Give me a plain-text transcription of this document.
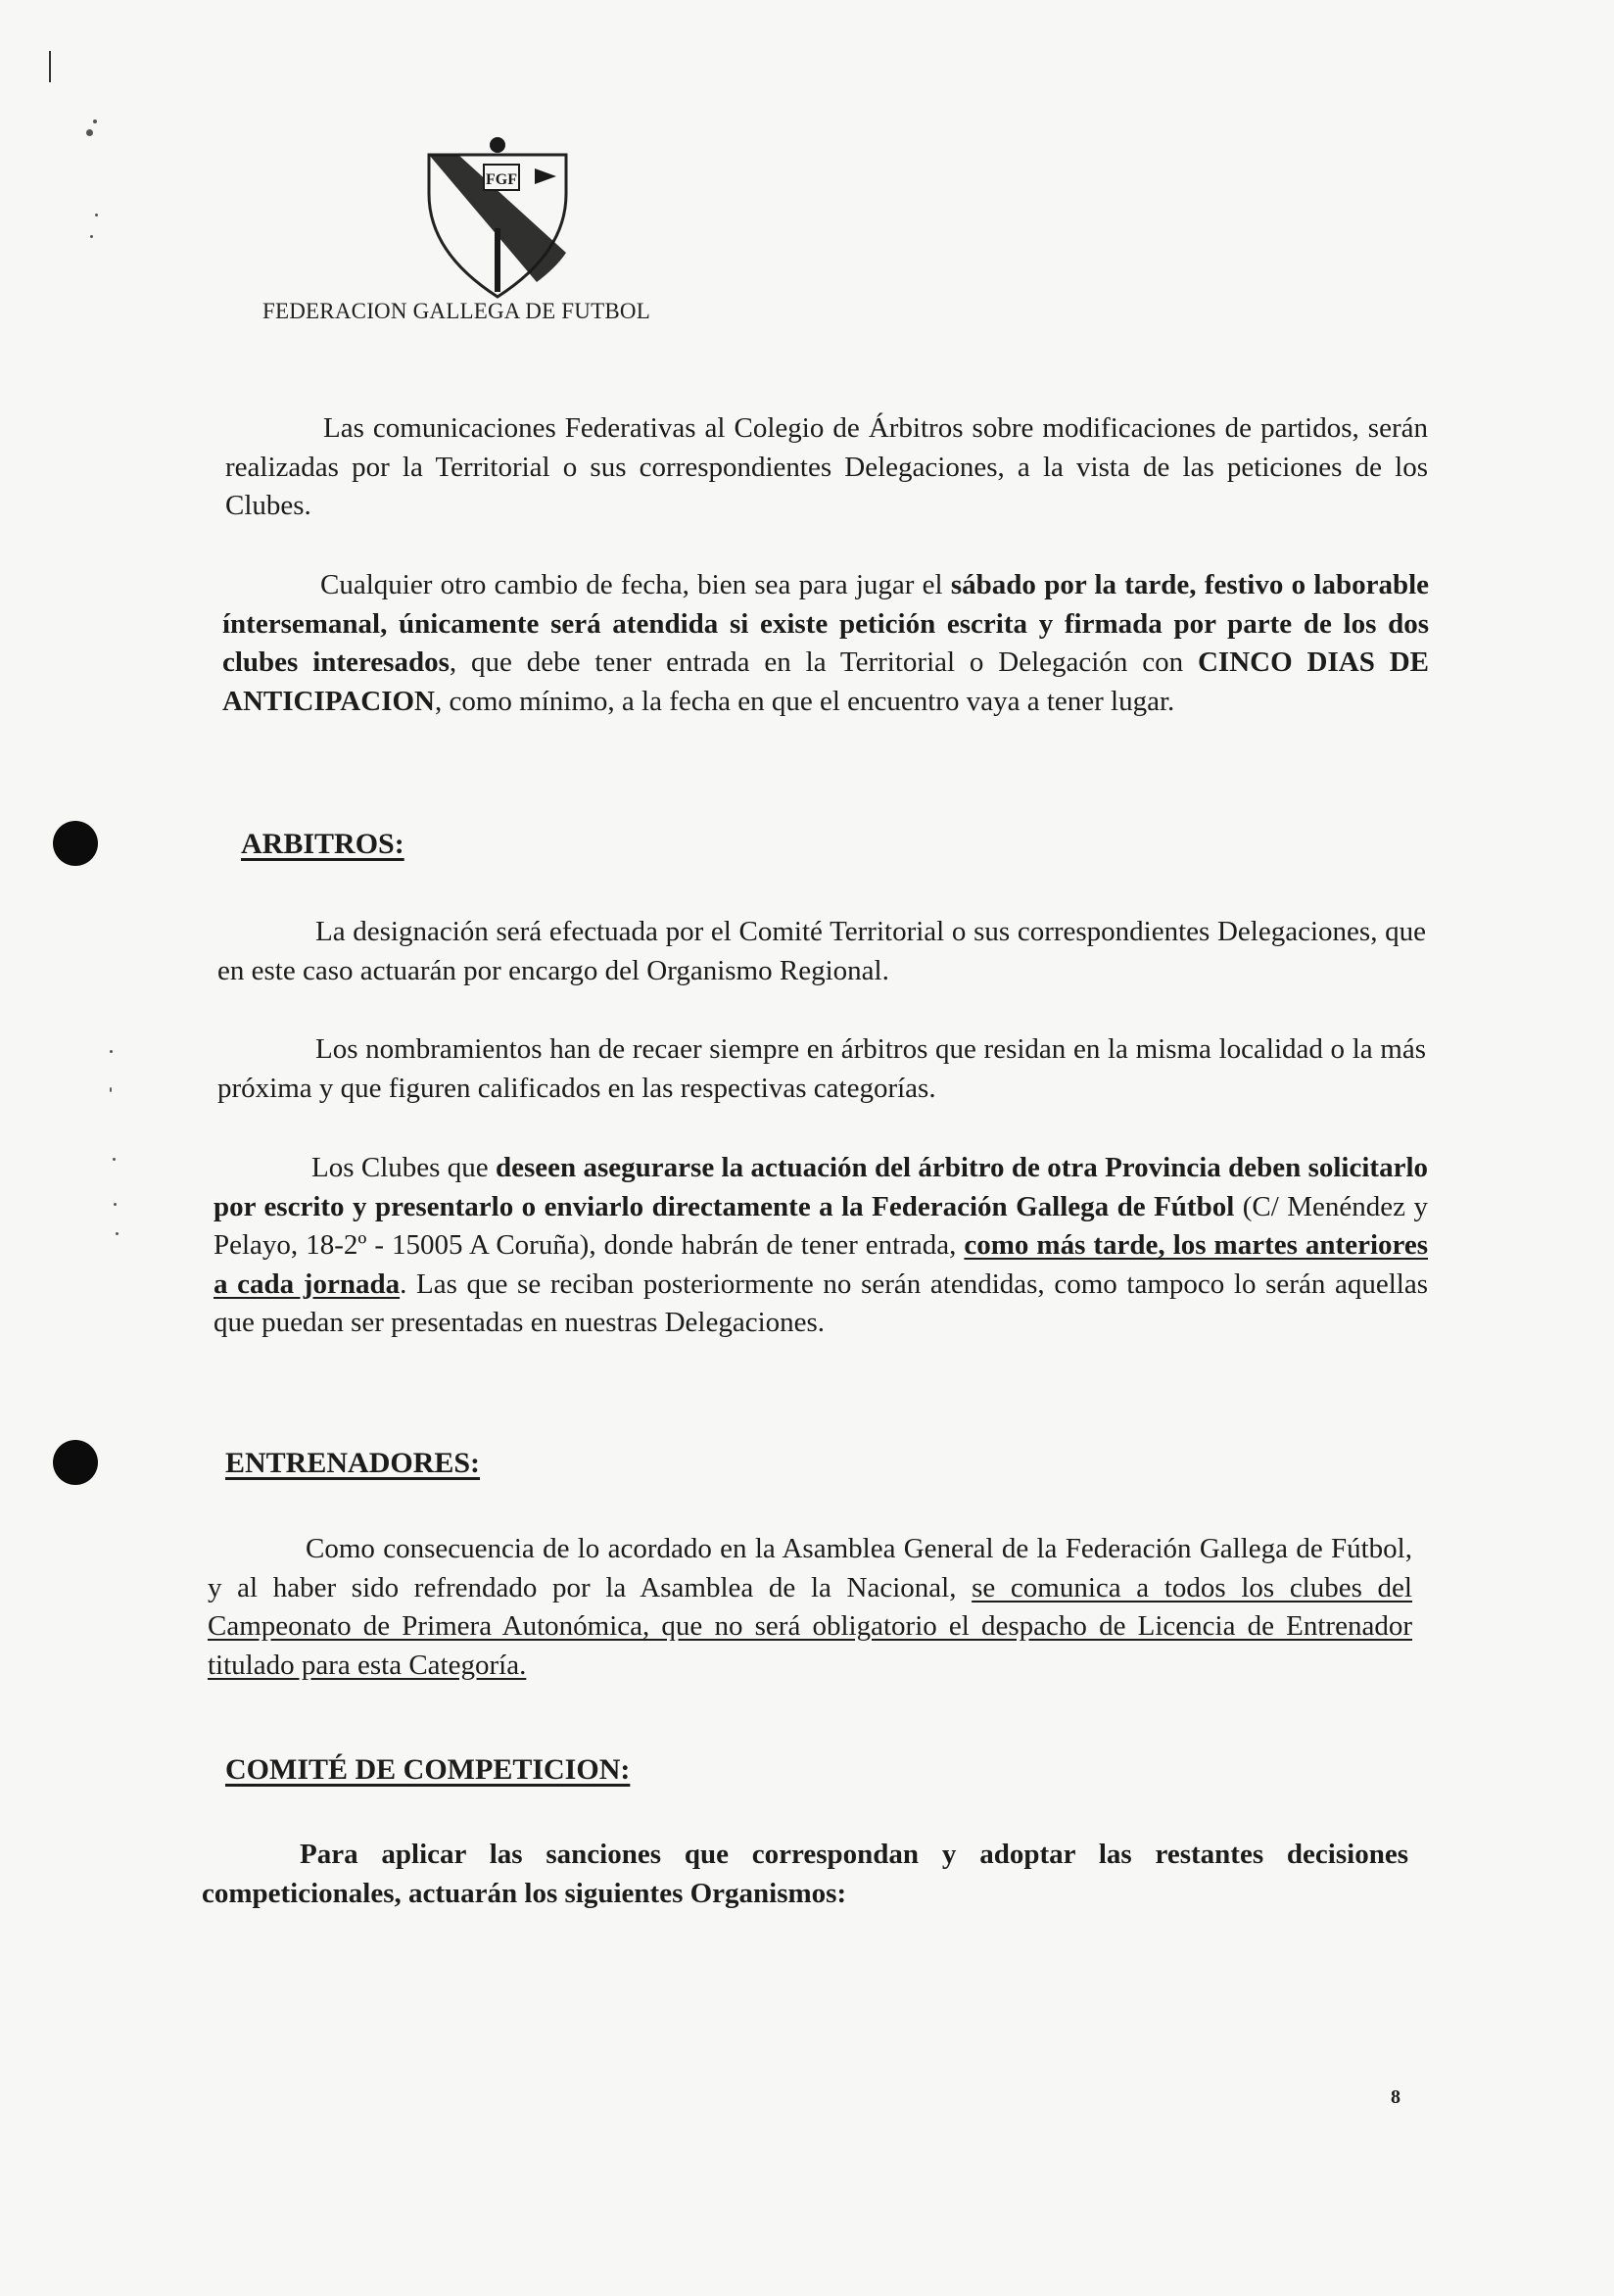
FGF
FEDERACION GALLEGA DE FUTBOL

Las comunicaciones Federativas al Colegio de Árbitros sobre modificaciones de partidos, serán realizadas por la Territorial o sus correspondientes Delegaciones, a la vista de las peticiones de los Clubes.

Cualquier otro cambio de fecha, bien sea para jugar el sábado por la tarde, festivo o laborable íntersemanal, únicamente será atendida si existe petición escrita y firmada por parte de los dos clubes interesados, que debe tener entrada en la Territorial o Delegación con CINCO DIAS DE ANTICIPACION, como mínimo, a la fecha en que el encuentro vaya a tener lugar.

ARBITROS:

La designación será efectuada por el Comité Territorial o sus correspondientes Delegaciones, que en este caso actuarán por encargo del Organismo Regional.

Los nombramientos han de recaer siempre en árbitros que residan en la misma localidad o la más próxima y que figuren calificados en las respectivas categorías.

Los Clubes que deseen asegurarse la actuación del árbitro de otra Provincia deben solicitarlo por escrito y presentarlo o enviarlo directamente a la Federación Gallega de Fútbol (C/ Menéndez y Pelayo, 18-2º - 15005 A Coruña), donde habrán de tener entrada, como más tarde, los martes anteriores a cada jornada. Las que se reciban posteriormente no serán atendidas, como tampoco lo serán aquellas que puedan ser presentadas en nuestras Delegaciones.

ENTRENADORES:

Como consecuencia de lo acordado en la Asamblea General de la Federación Gallega de Fútbol, y al haber sido refrendado por la Asamblea de la Nacional, se comunica a todos los clubes del Campeonato de Primera Autonómica, que no será obligatorio el despacho de Licencia de Entrenador titulado para esta Categoría.

COMITÉ DE COMPETICION:

Para aplicar las sanciones que correspondan y adoptar las restantes decisiones competicionales, actuarán los siguientes Organismos:

8
